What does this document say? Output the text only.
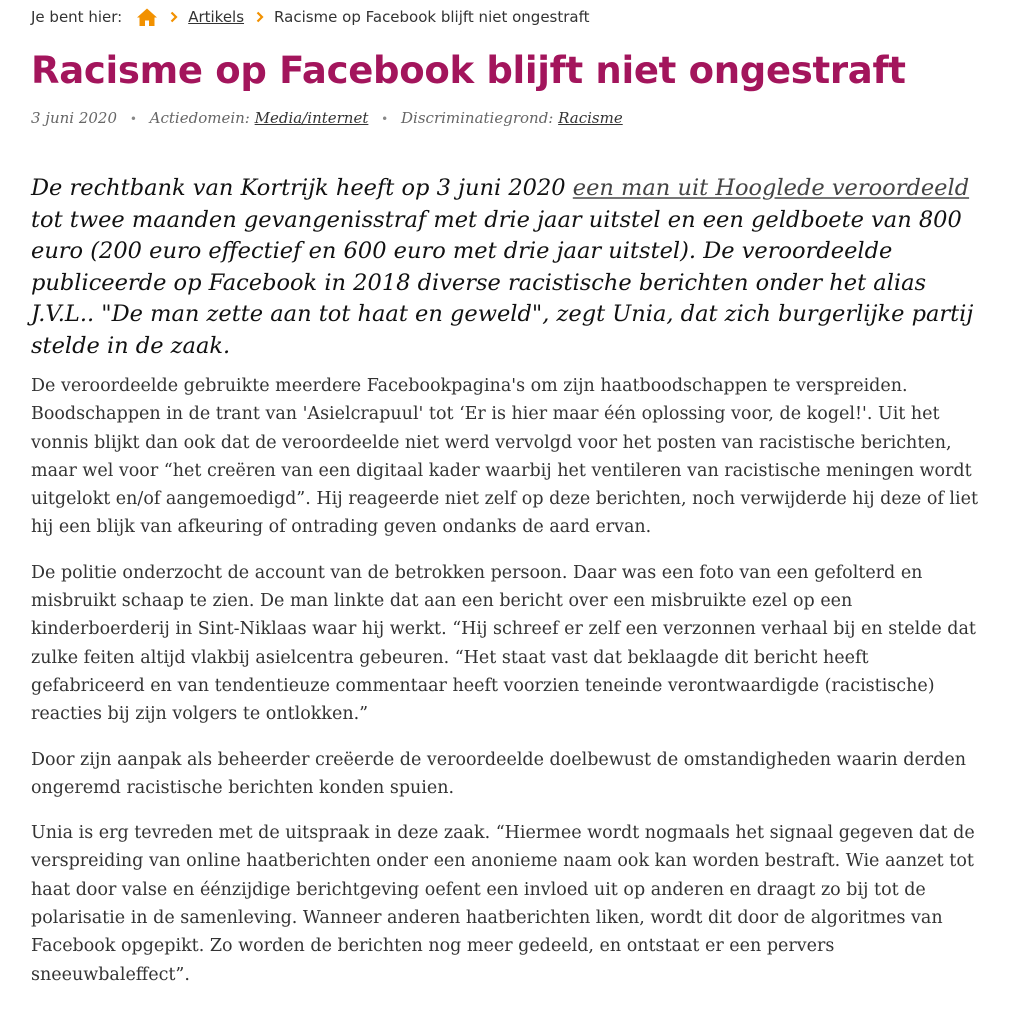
Je bent hier:	Artikels Racisme op Facebook blijft niet ongestraft
Racisme op Facebook blijft niet ongestraft
3 juni 2020 • Actiedomein: Media/internet • Discriminatiegrond: Racisme

De rechtbank van Kortrijk heeft op 3 juni 2020 een man uit Hooglede veroordeeld tot twee maanden gevangenisstraf met drie jaar uitstel en een geldboete van 800 euro (200 euro effectief en 600 euro met drie jaar uitstel). De veroordeelde publiceerde op Facebook in 2018 diverse racistische berichten onder het alias J.V.L.. "De man zette aan tot haat en geweld", zegt Unia, dat zich burgerlijke partij stelde in de zaak.

De veroordeelde gebruikte meerdere Facebookpagina's om zijn haatboodschappen te verspreiden. Boodschappen in de trant van 'Asielcrapuul' tot ‘Er is hier maar één oplossing voor, de kogel!'. Uit het vonnis blijkt dan ook dat de veroordeelde niet werd vervolgd voor het posten van racistische berichten, maar wel voor “het creëren van een digitaal kader waarbij het ventileren van racistische meningen wordt uitgelokt en/of aangemoedigd”. Hij reageerde niet zelf op deze berichten, noch verwijderde hij deze of liet hij een blijk van afkeuring of ontrading geven ondanks de aard ervan.

De politie onderzocht de account van de betrokken persoon. Daar was een foto van een gefolterd en misbruikt schaap te zien. De man linkte dat aan een bericht over een misbruikte ezel op een kinderboerderij in Sint-Niklaas waar hij werkt. “Hij schreef er zelf een verzonnen verhaal bij en stelde dat zulke feiten altijd vlakbij asielcentra gebeuren. “Het staat vast dat beklaagde dit bericht heeft gefabriceerd en van tendentieuze commentaar heeft voorzien teneinde verontwaardigde (racistische) reacties bij zijn volgers te ontlokken.”

Door zijn aanpak als beheerder creëerde de veroordeelde doelbewust de omstandigheden waarin derden ongeremd racistische berichten konden spuien.

Unia is erg tevreden met de uitspraak in deze zaak. “Hiermee wordt nogmaals het signaal gegeven dat de verspreiding van online haatberichten onder een anonieme naam ook kan worden bestraft. Wie aanzet tot haat door valse en éénzijdige berichtgeving oefent een invloed uit op anderen en draagt zo bij tot de polarisatie in de samenleving. Wanneer anderen haatberichten liken, wordt dit door de algoritmes van Facebook opgepikt. Zo worden de berichten nog meer gedeeld, en ontstaat er een pervers sneeuwbaleffect”.
